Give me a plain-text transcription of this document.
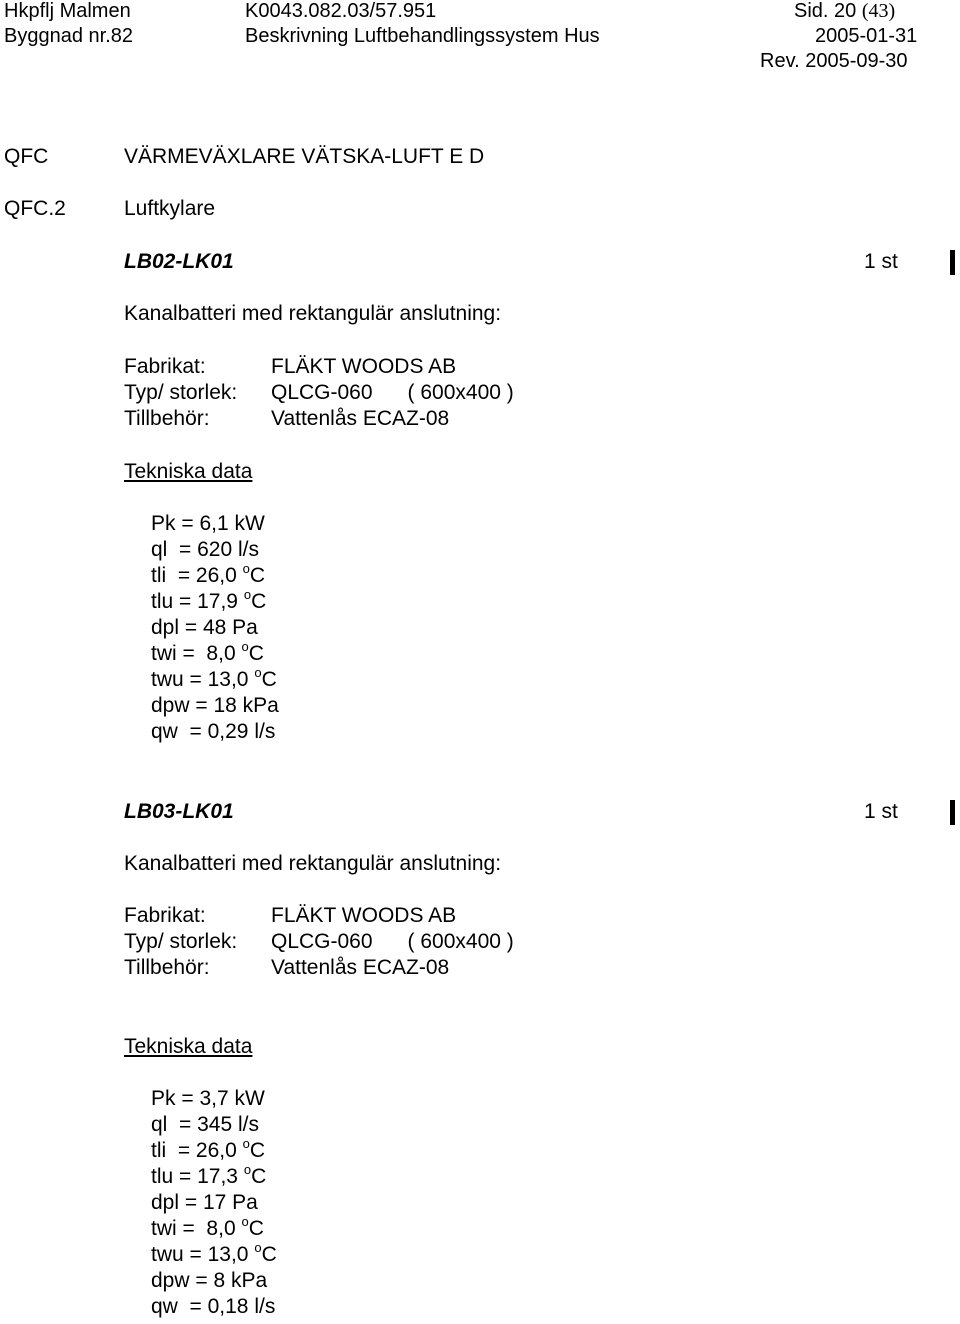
Hkpflj Malmen	K0043.082.03/57.951	Sid. 20 (43)
Byggnad nr.82	Beskrivning Luftbehandlingssystem Hus	2005-01-31
Rev. 2005-09-30
QFC	VÄRMEVÄXLARE VÄTSKA-LUFT E D
QFC.2	Luftkylare
LB02-LK01	1 st
Kanalbatteri med rektangulär anslutning:
Fabrikat:	FLÄKT WOODS AB
Typ/ storlek: QLCG-060      ( 600x400 )
Tillbehör:	Vattenlås ECAZ-08
Tekniska data
Pk = 6,1 kW
ql  = 620 l/s
tli  = 26,0 $^o$C
tlu = 17,9 $^o$C
dpl = 48 Pa
twi =  8,0 $^o$C
twu = 13,0 $^o$C
dpw = 18 kPa
qw  = 0,29 l/s
LB03-LK01	1 st
Kanalbatteri med rektangulär anslutning:
Fabrikat:	FLÄKT WOODS AB
Typ/ storlek: QLCG-060      ( 600x400 )
Tillbehör:	Vattenlås ECAZ-08
Tekniska data
Pk = 3,7 kW
ql  = 345 l/s
tli  = 26,0 $^o$C
tlu = 17,3 $^o$C
dpl = 17 Pa
twi =  8,0 $^o$C
twu = 13,0 $^o$C
dpw = 8 kPa
qw  = 0,18 l/s
